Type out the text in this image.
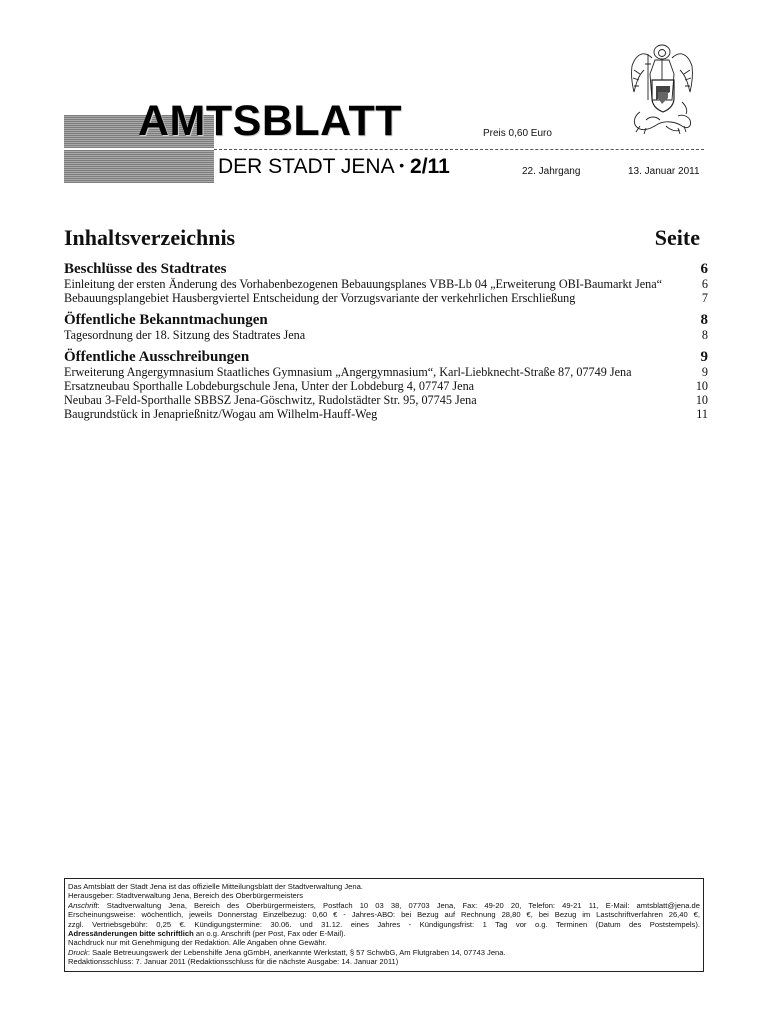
AMTSBLATT
DER STADT JENA • 2/11
Preis 0,60 Euro
22. Jahrgang	13. Januar 2011
Inhaltsverzeichnis	Seite
Beschlüsse des Stadtrates	6
Einleitung der ersten Änderung des Vorhabenbezogenen Bebauungsplanes VBB-Lb 04 „Erweiterung OBI-Baumarkt Jena“	6
Bebauungsplangebiet Hausbergviertel Entscheidung der Vorzugsvariante der verkehrlichen Erschließung	7
Öffentliche Bekanntmachungen	8
Tagesordnung der 18. Sitzung des Stadtrates Jena	8
Öffentliche Ausschreibungen	9
Erweiterung Angergymnasium Staatliches Gymnasium „Angergymnasium“, Karl-Liebknecht-Straße 87, 07749 Jena	9
Ersatzneubau Sporthalle Lobdeburgschule Jena, Unter der Lobdeburg 4, 07747 Jena	10
Neubau 3-Feld-Sporthalle SBBSZ Jena-Göschwitz, Rudolstädter Str. 95, 07745 Jena	10
Baugrundstück in Jenaprießnitz/Wogau am Wilhelm-Hauff-Weg	11
Das Amtsblatt der Stadt Jena ist das offizielle Mitteilungsblatt der Stadtverwaltung Jena.
Herausgeber: Stadtverwaltung Jena, Bereich des Oberbürgermeisters
Anschrift: Stadtverwaltung Jena, Bereich des Oberbürgermeisters, Postfach 10 03 38, 07703 Jena, Fax: 49-20 20, Telefon: 49-21 11, E-Mail: amtsblatt@jena.de
Erscheinungsweise: wöchentlich, jeweils Donnerstag Einzelbezug: 0,60 € - Jahres-ABO: bei Bezug auf Rechnung 28,80 €, bei Bezug im Lastschriftverfahren 26,40 €,
zzgl. Vertriebsgebühr: 0,25 €. Kündigungstermine: 30.06. und 31.12. eines Jahres - Kündigungsfrist: 1 Tag vor o.g. Terminen (Datum des Poststempels).
Adressänderungen bitte schriftlich an o.g. Anschrift (per Post, Fax oder E-Mail).
Nachdruck nur mit Genehmigung der Redaktion. Alle Angaben ohne Gewähr.
Druck: Saale Betreuungswerk der Lebenshilfe Jena gGmbH, anerkannte Werkstatt, § 57 SchwbG, Am Flutgraben 14, 07743 Jena.
Redaktionsschluss: 7. Januar 2011 (Redaktionsschluss für die nächste Ausgabe: 14. Januar 2011)
